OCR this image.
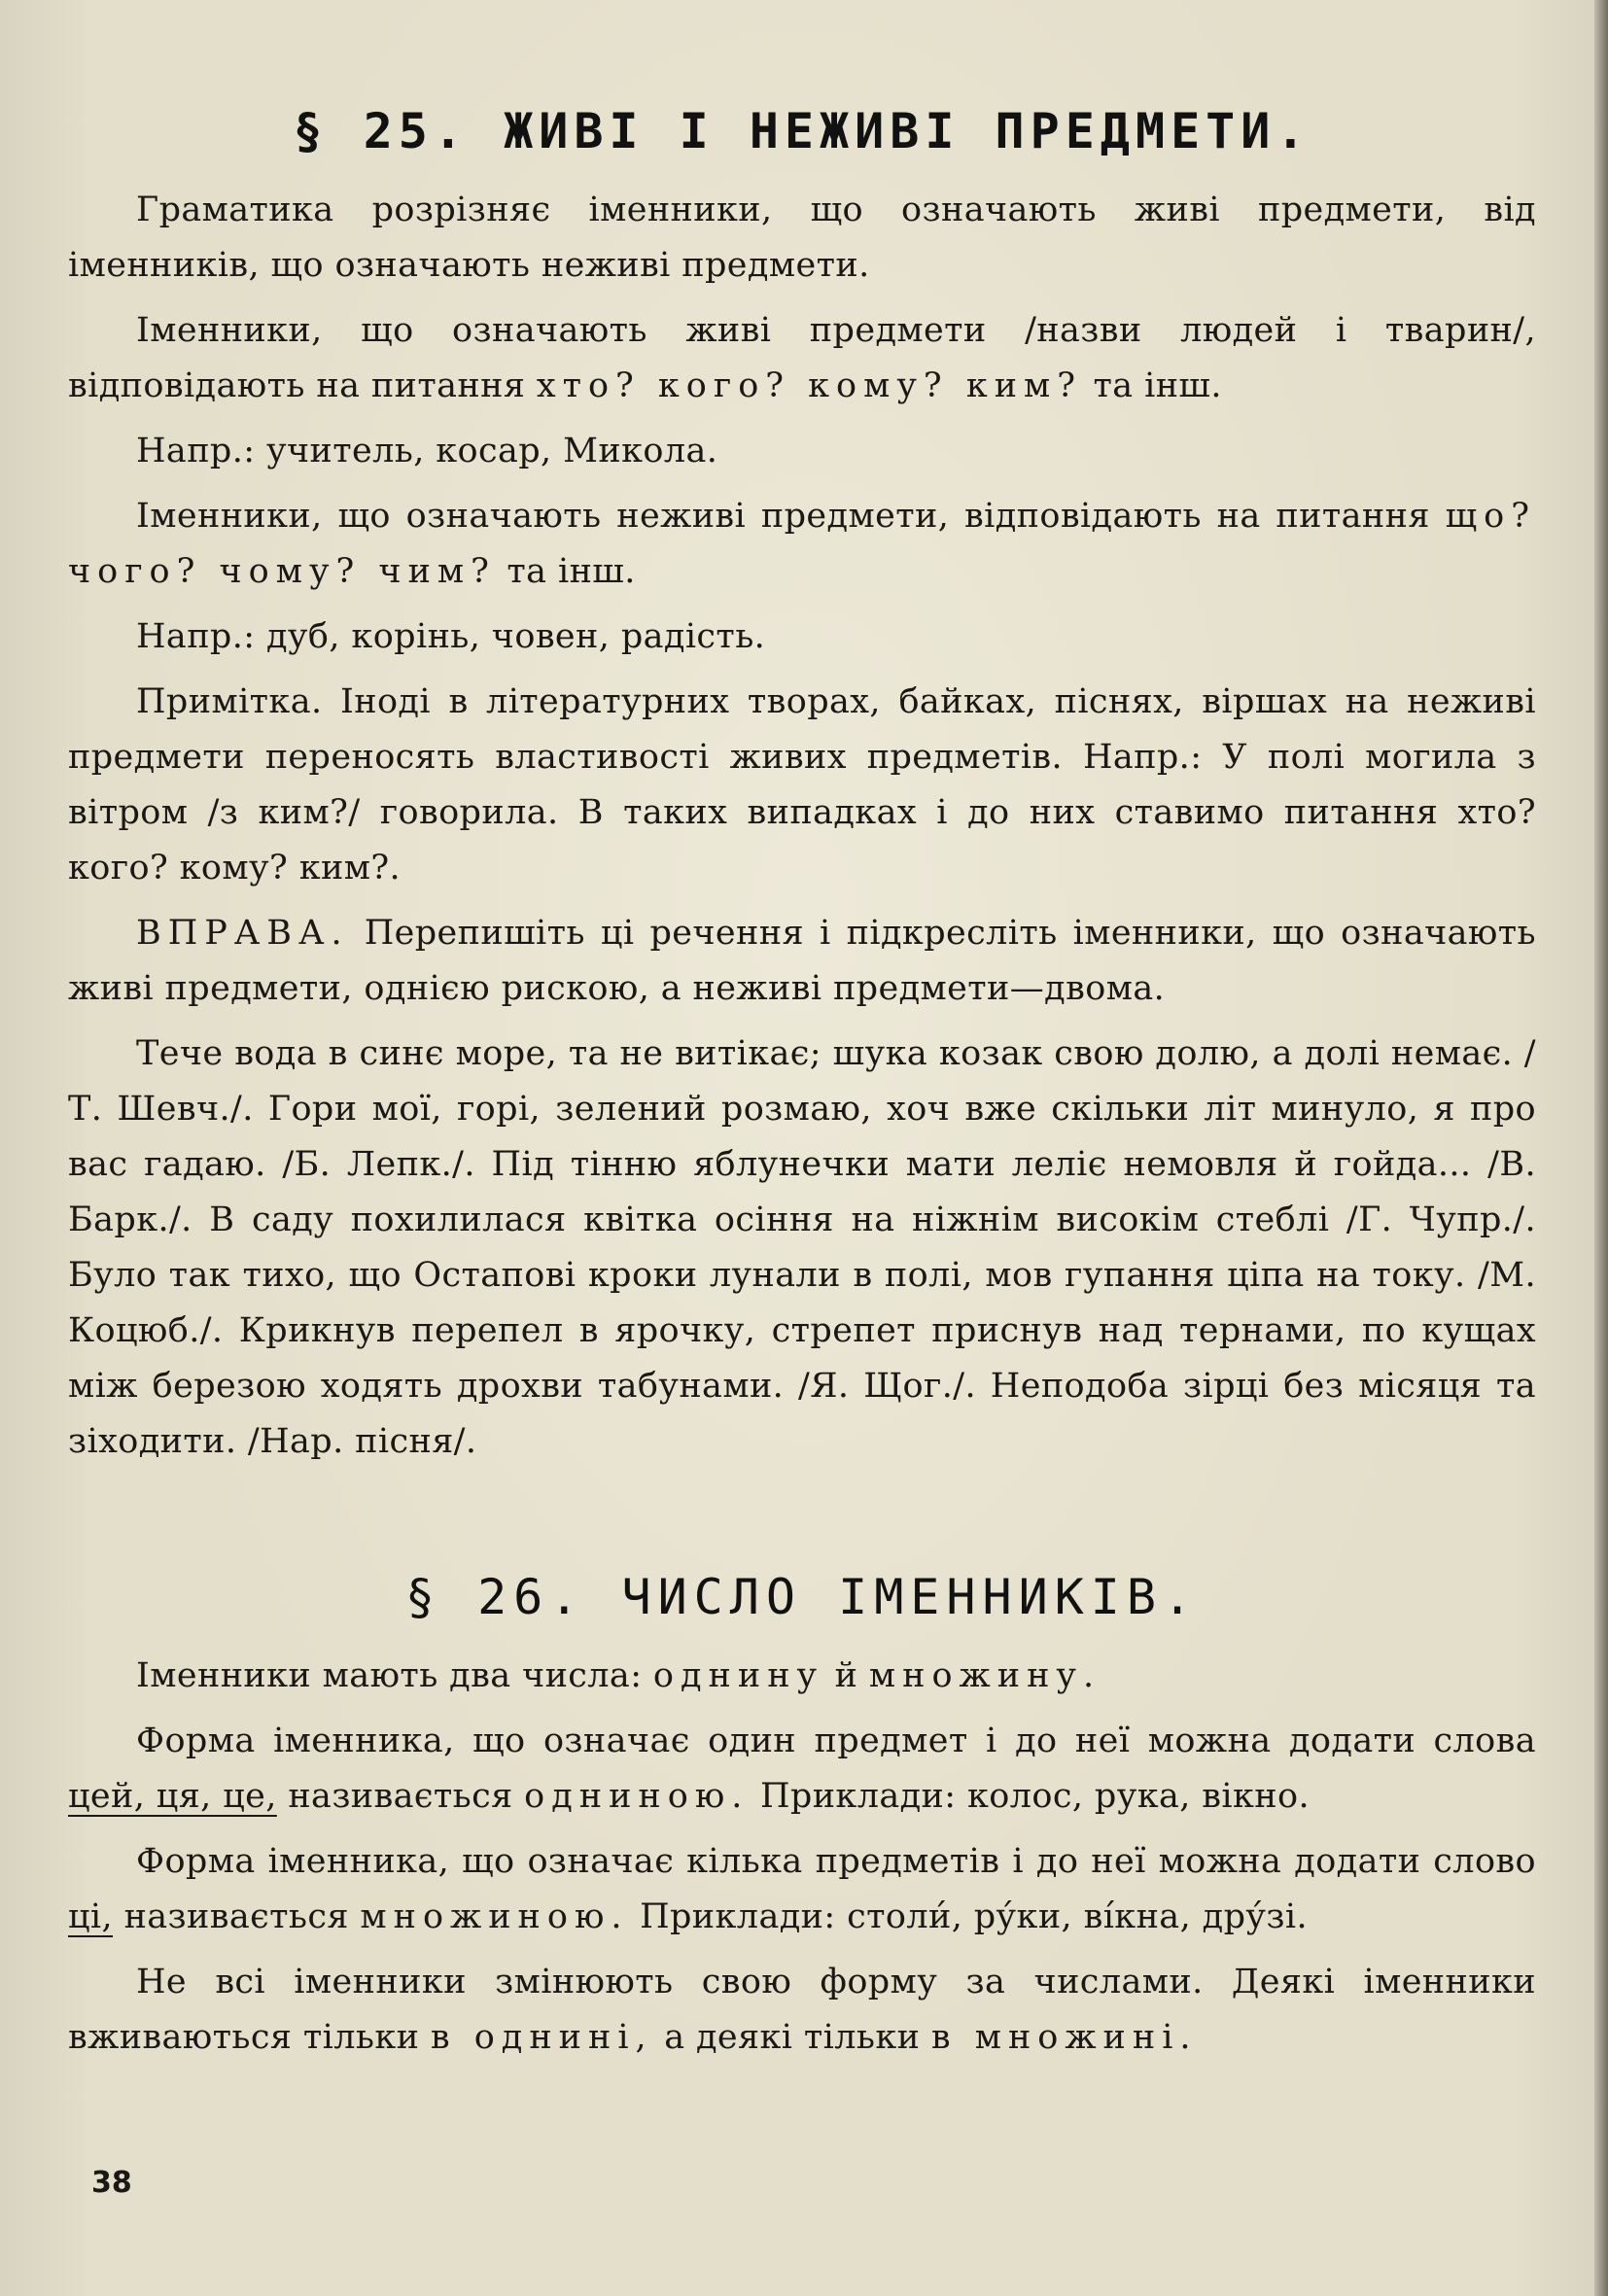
§ 25. ЖИВІ І НЕЖИВІ ПРЕДМЕТИ.

Граматика розрізняє іменники, що означають живі предмети, від іменників, що означають неживі предмети.

Іменники, що означають живі предмети /назви людей і тварин/, відповідають на питання хто? кого? кому? ким? та інш.

Напр.: учитель, косар, Микола.

Іменники, що означають неживі предмети, відповідають на питання що? чого? чому? чим? та інш.

Напр.: дуб, корінь, човен, радість.

Примітка. Іноді в літературних творах, байках, піснях, віршах на неживі предмети переносять властивості живих предметів. Напр.: У полі могила з вітром /з ким?/ говорила. В таких випадках і до них ставимо питання хто? кого? кому? ким?.

ВПРАВА. Перепишіть ці речення і підкресліть іменники, що означають живі предмети, однією рискою, а неживі предмети—двома.

Тече вода в синє море, та не витікає; шука козак свою долю, а долі немає. /Т. Шевч./. Гори мої, горі, зелений розмаю, хоч вже скільки літ минуло, я про вас гадаю. /Б. Лепк./. Під тінню яблунечки мати леліє немовля й гойда... /В. Барк./. В саду похилилася квітка осіння на ніжнім високім стеблі /Г. Чупр./. Було так тихо, що Остапові кроки лунали в полі, мов гупання ціпа на току. /М. Коцюб./. Крикнув перепел в ярочку, стрепет приснув над тернами, по кущах між березою ходять дрохви табунами. /Я. Щог./. Неподоба зірці без місяця та зіходити. /Нар. пісня/.

§ 26. ЧИСЛО ІМЕННИКІВ.

Іменники мають два числа: однину й множину.

Форма іменника, що означає один предмет і до неї можна додати слова цей, ця, це, називається одниною. Приклади: колос, рука, вікно.

Форма іменника, що означає кілька предметів і до неї можна додати слово ці, називається множиною. Приклади: столи́, ру́ки, ві́кна, дру́зі.

Не всі іменники змінюють свою форму за числами. Деякі іменники вживаються тільки в однині, а деякі тільки в множині.

38
